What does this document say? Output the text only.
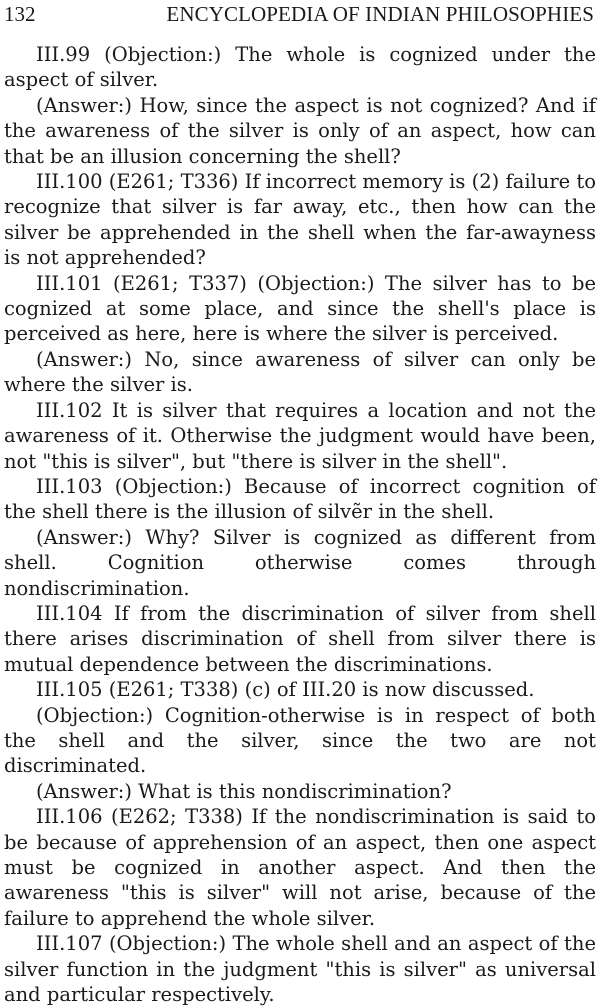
132	ENCYCLOPEDIA OF INDIAN PHILOSOPHIES

III.99 (Objection:) The whole is cognized under the aspect of silver.

(Answer:) How, since the aspect is not cognized? And if the awareness of the silver is only of an aspect, how can that be an illusion concerning the shell?

III.100 (E261; T336) If incorrect memory is (2) failure to recognize that silver is far away, etc., then how can the silver be apprehended in the shell when the far-awayness is not apprehended?

III.101 (E261; T337) (Objection:) The silver has to be cognized at some place, and since the shell's place is perceived as here, here is where the silver is perceived.

(Answer:) No, since awareness of silver can only be where the silver is.

III.102 It is silver that requires a location and not the awareness of it. Otherwise the judgment would have been, not "this is silver", but "there is silver in the shell".

III.103 (Objection:) Because of incorrect cognition of the shell there is the illusion of silvẽr in the shell.

(Answer:) Why? Silver is cognized as different from shell. Cognition otherwise comes through nondiscrimination.

III.104 If from the discrimination of silver from shell there arises discrimination of shell from silver there is mutual dependence between the discriminations.

III.105 (E261; T338) (c) of III.20 is now discussed.

(Objection:) Cognition-otherwise is in respect of both the shell and the silver, since the two are not discriminated.

(Answer:) What is this nondiscrimination?

III.106 (E262; T338) If the nondiscrimination is said to be because of apprehension of an aspect, then one aspect must be cognized in another aspect. And then the awareness "this is silver" will not arise, because of the failure to apprehend the whole silver.

III.107 (Objection:) The whole shell and an aspect of the silver function in the judgment "this is silver" as universal and particular respectively.
